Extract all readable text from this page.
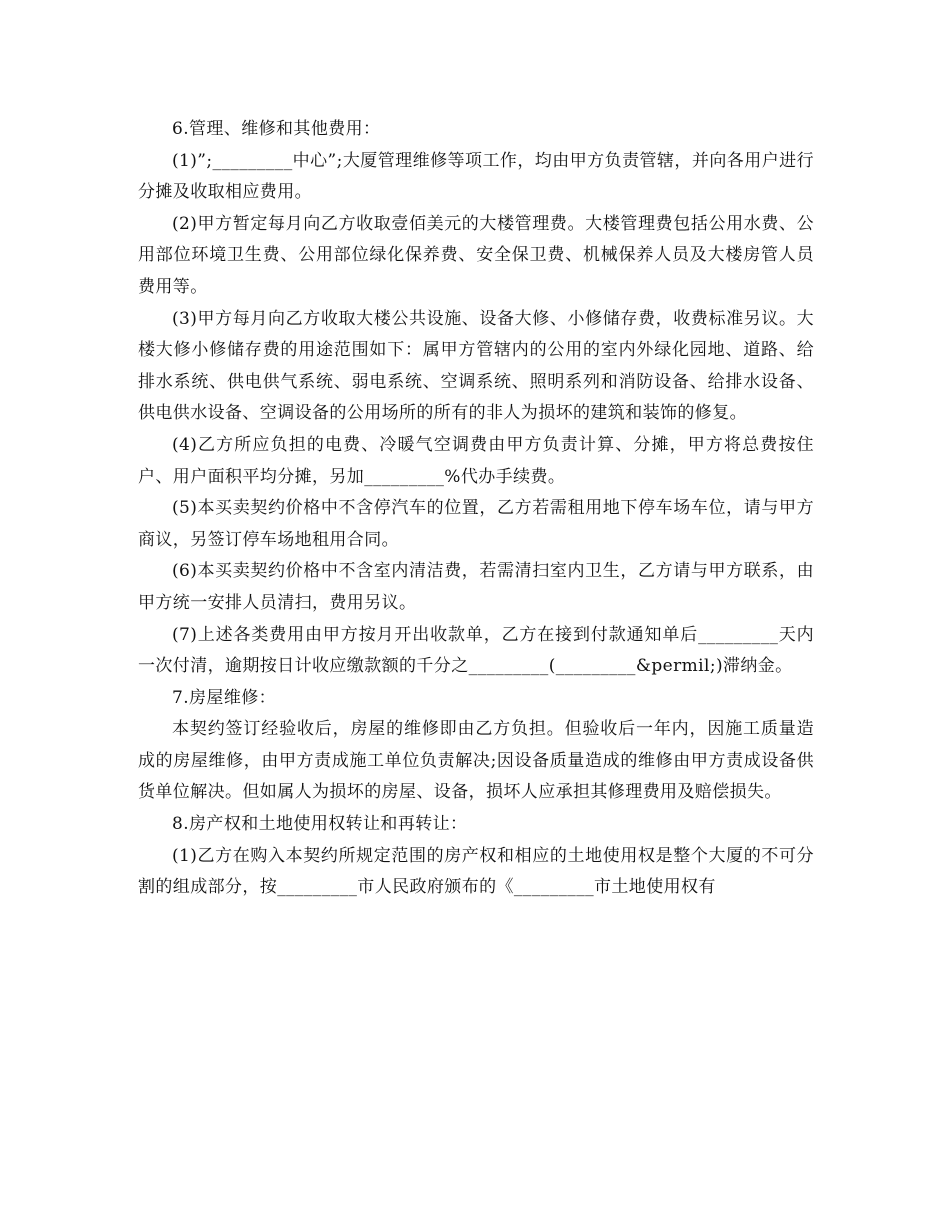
6.管理、维修和其他费用：

(1)”;_________中心”;大厦管理维修等项工作，均由甲方负责管辖，并向各用户进行分摊及收取相应费用。

(2)甲方暂定每月向乙方收取壹佰美元的大楼管理费。大楼管理费包括公用水费、公用部位环境卫生费、公用部位绿化保养费、安全保卫费、机械保养人员及大楼房管人员费用等。

(3)甲方每月向乙方收取大楼公共设施、设备大修、小修储存费，收费标准另议。大楼大修小修储存费的用途范围如下：属甲方管辖内的公用的室内外绿化园地、道路、给排水系统、供电供气系统、弱电系统、空调系统、照明系列和消防设备、给排水设备、供电供水设备、空调设备的公用场所的所有的非人为损坏的建筑和装饰的修复。

(4)乙方所应负担的电费、冷暖气空调费由甲方负责计算、分摊，甲方将总费按住户、用户面积平均分摊，另加_________%代办手续费。

(5)本买卖契约价格中不含停汽车的位置，乙方若需租用地下停车场车位，请与甲方商议，另签订停车场地租用合同。

(6)本买卖契约价格中不含室内清洁费，若需清扫室内卫生，乙方请与甲方联系，由甲方统一安排人员清扫，费用另议。

(7)上述各类费用由甲方按月开出收款单，乙方在接到付款通知单后_________天内一次付清，逾期按日计收应缴款额的千分之_________(_________&permil;)滞纳金。

7.房屋维修：

本契约签订经验收后，房屋的维修即由乙方负担。但验收后一年内，因施工质量造成的房屋维修，由甲方责成施工单位负责解决;因设备质量造成的维修由甲方责成设备供货单位解决。但如属人为损坏的房屋、设备，损坏人应承担其修理费用及赔偿损失。

8.房产权和土地使用权转让和再转让：

(1)乙方在购入本契约所规定范围的房产权和相应的土地使用权是整个大厦的不可分割的组成部分，按_________市人民政府颁布的《_________市土地使用权有
